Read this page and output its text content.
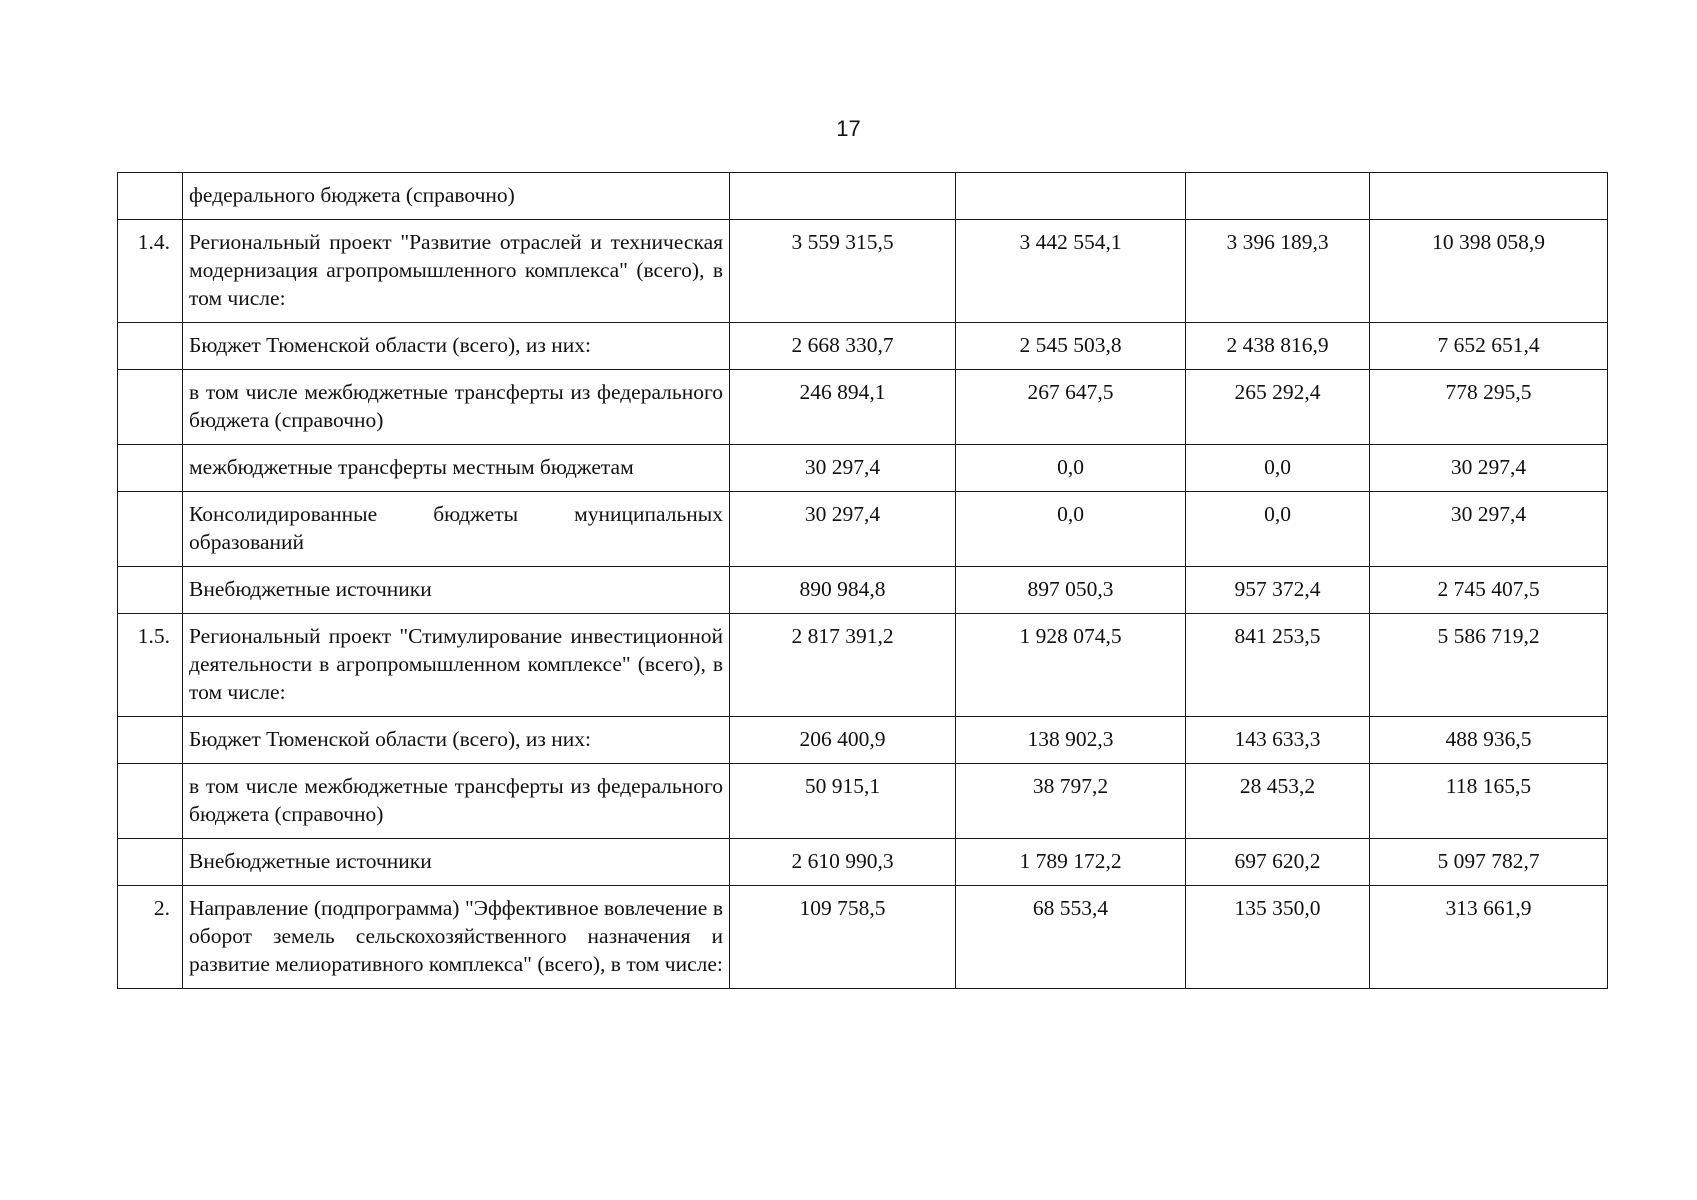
17
	федерального бюджета (справочно)				
1.4.	Региональный проект "Развитие отраслей и техническая модернизация агропромышленного комплекса" (всего), в том числе:	3 559 315,5	3 442 554,1	3 396 189,3	10 398 058,9
	Бюджет Тюменской области (всего), из них:	2 668 330,7	2 545 503,8	2 438 816,9	7 652 651,4
	в том числе межбюджетные трансферты из федерального бюджета (справочно)	246 894,1	267 647,5	265 292,4	778 295,5
	межбюджетные трансферты местным бюджетам	30 297,4	0,0	0,0	30 297,4
	Консолидированные бюджеты муниципальных образований	30 297,4	0,0	0,0	30 297,4
	Внебюджетные источники	890 984,8	897 050,3	957 372,4	2 745 407,5
1.5.	Региональный проект "Стимулирование инвестиционной деятельности в агропромышленном комплексе" (всего), в том числе:	2 817 391,2	1 928 074,5	841 253,5	5 586 719,2
	Бюджет Тюменской области (всего), из них:	206 400,9	138 902,3	143 633,3	488 936,5
	в том числе межбюджетные трансферты из федерального бюджета (справочно)	50 915,1	38 797,2	28 453,2	118 165,5
	Внебюджетные источники	2 610 990,3	1 789 172,2	697 620,2	5 097 782,7
2.	Направление (подпрограмма) "Эффективное вовлечение в оборот земель сельскохозяйственного назначения и развитие мелиоративного комплекса" (всего), в том числе:	109 758,5	68 553,4	135 350,0	313 661,9
